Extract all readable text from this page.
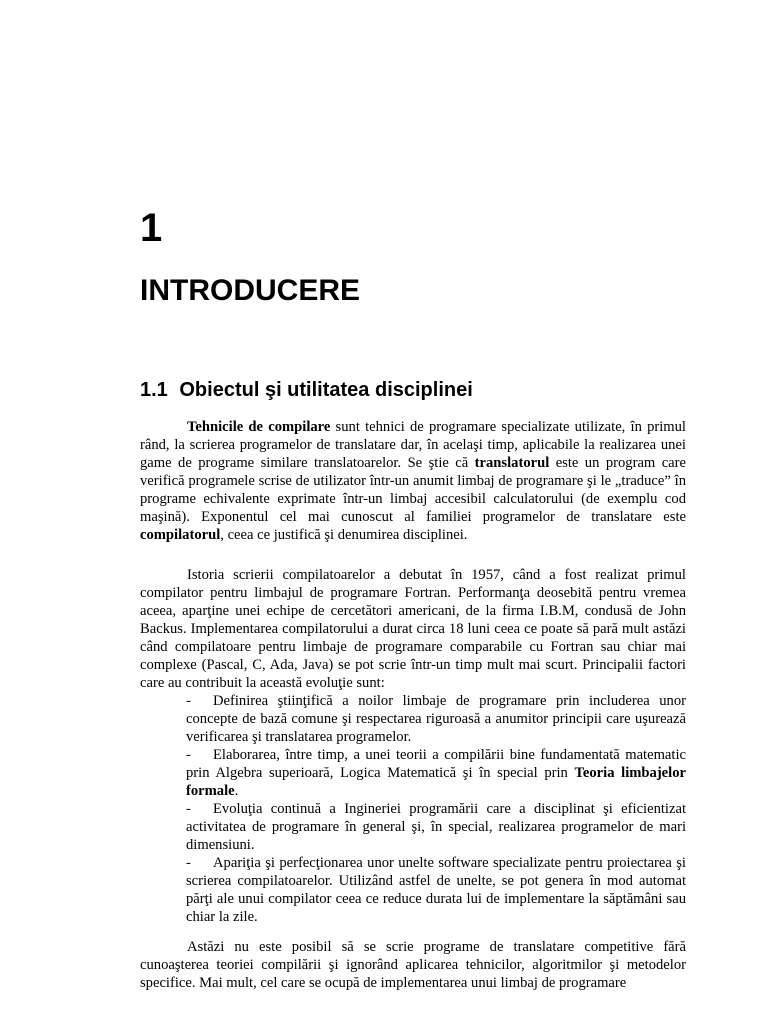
1
INTRODUCERE
1.1 Obiectul şi utilitatea disciplinei

Tehnicile de compilare sunt tehnici de programare specializate utilizate, în primul rând, la scrierea programelor de translatare dar, în acelaşi timp, aplicabile la realizarea unei game de programe similare translatoarelor. Se ştie că translatorul este un program care verifică programele scrise de utilizator într-un anumit limbaj de programare şi le „traduce” în programe echivalente exprimate într-un limbaj accesibil calculatorului (de exemplu cod maşină). Exponentul cel mai cunoscut al familiei programelor de translatare este compilatorul, ceea ce justifică şi denumirea disciplinei.

Istoria scrierii compilatoarelor a debutat în 1957, când a fost realizat primul compilator pentru limbajul de programare Fortran. Performanţa deosebită pentru vremea aceea, aparţine unei echipe de cercetători americani, de la firma I.B.M, condusă de John Backus. Implementarea compilatorului a durat circa 18 luni ceea ce poate să pară mult astăzi când compilatoare pentru limbaje de programare comparabile cu Fortran sau chiar mai complexe (Pascal, C, Ada, Java) se pot scrie într-un timp mult mai scurt. Principalii factori care au contribuit la această evoluţie sunt:
- Definirea ştiinţifică a noilor limbaje de programare prin includerea unor concepte de bază comune şi respectarea riguroasă a anumitor principii care uşurează verificarea şi translatarea programelor.
- Elaborarea, între timp, a unei teorii a compilării bine fundamentată matematic prin Algebra superioară, Logica Matematică şi în special prin Teoria limbajelor formale.
- Evoluţia continuă a Ingineriei programării care a disciplinat şi eficientizat activitatea de programare în general şi, în special, realizarea programelor de mari dimensiuni.
- Apariţia şi perfecţionarea unor unelte software specializate pentru proiectarea şi scrierea compilatoarelor. Utilizând astfel de unelte, se pot genera în mod automat părţi ale unui compilator ceea ce reduce durata lui de implementare la săptămâni sau chiar la zile.

Astăzi nu este posibil să se scrie programe de translatare competitive fără cunoaşterea teoriei compilării şi ignorând aplicarea tehnicilor, algoritmilor şi metodelor specifice. Mai mult, cel care se ocupă de implementarea unui limbaj de programare
